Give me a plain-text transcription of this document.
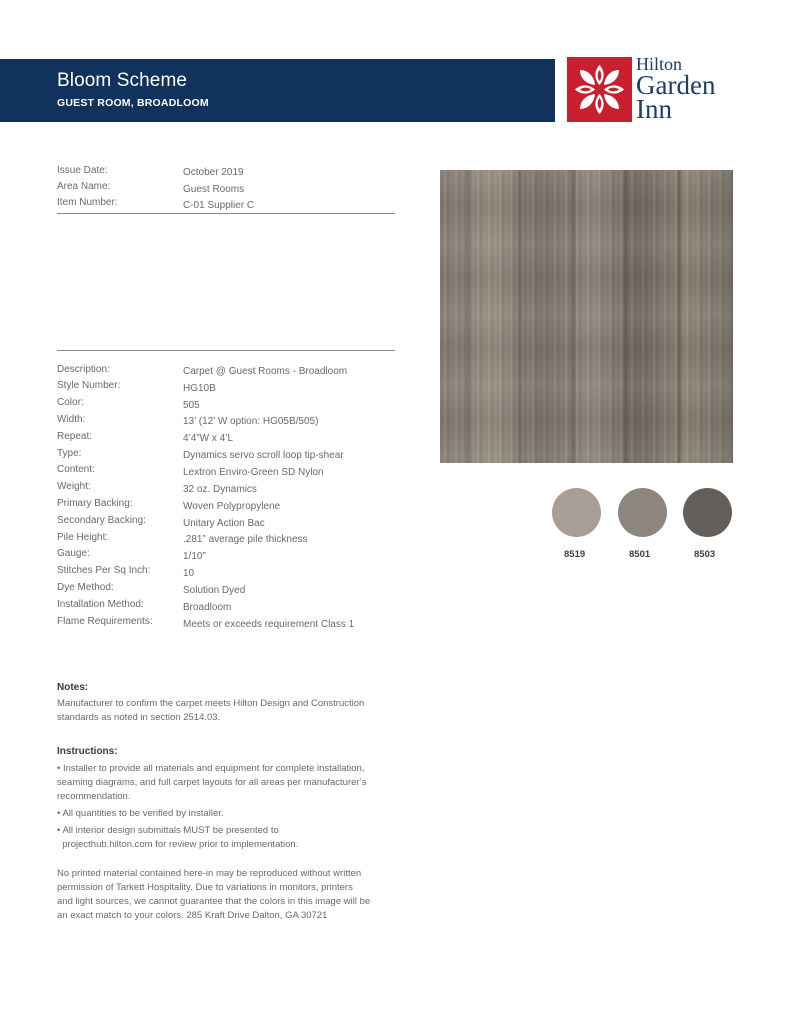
Bloom Scheme
GUEST ROOM, BROADLOOM
Hilton
Garden
Inn
Issue Date:	October 2019
Area Name:	Guest Rooms
Item Number:	C-01 Supplier C
Description:	Carpet @ Guest Rooms - Broadloom
Style Number:	HG10B
Color:	505
Width:	13’ (12’ W option: HG05B/505)
Repeat:	4’4”W x 4’L
Type:	Dynamics servo scroll loop tip-shear
Content:	Lextron Enviro-Green SD Nylon
Weight:	32 oz. Dynamics
Primary Backing:	Woven Polypropylene
Secondary Backing:	Unitary Action Bac
Pile Height:	.281” average pile thickness
Gauge:	1/10”
Stitches Per Sq Inch:	10
Dye Method:	Solution Dyed
Installation Method:	Broadloom
Flame Requirements:	Meets or exceeds requirement Class 1
8519	8501	8503
Notes:
Manufacturer to confirm the carpet meets Hilton Design and Construction
standards as noted in section 2514.03.
Instructions:
• Installer to provide all materials and equipment for complete installation,
seaming diagrams, and full carpet layouts for all areas per manufacturer’s
recommendation.
• All quantities to be verified by installer.
• All interior design submittals MUST be presented to
projecthub.hilton.com for review prior to implementation.
No printed material contained here-in may be reproduced without written
permission of Tarkett Hospitality. Due to variations in monitors, printers
and light sources, we cannot guarantee that the colors in this image will be
an exact match to your colors. 285 Kraft Drive Dalton, GA 30721
